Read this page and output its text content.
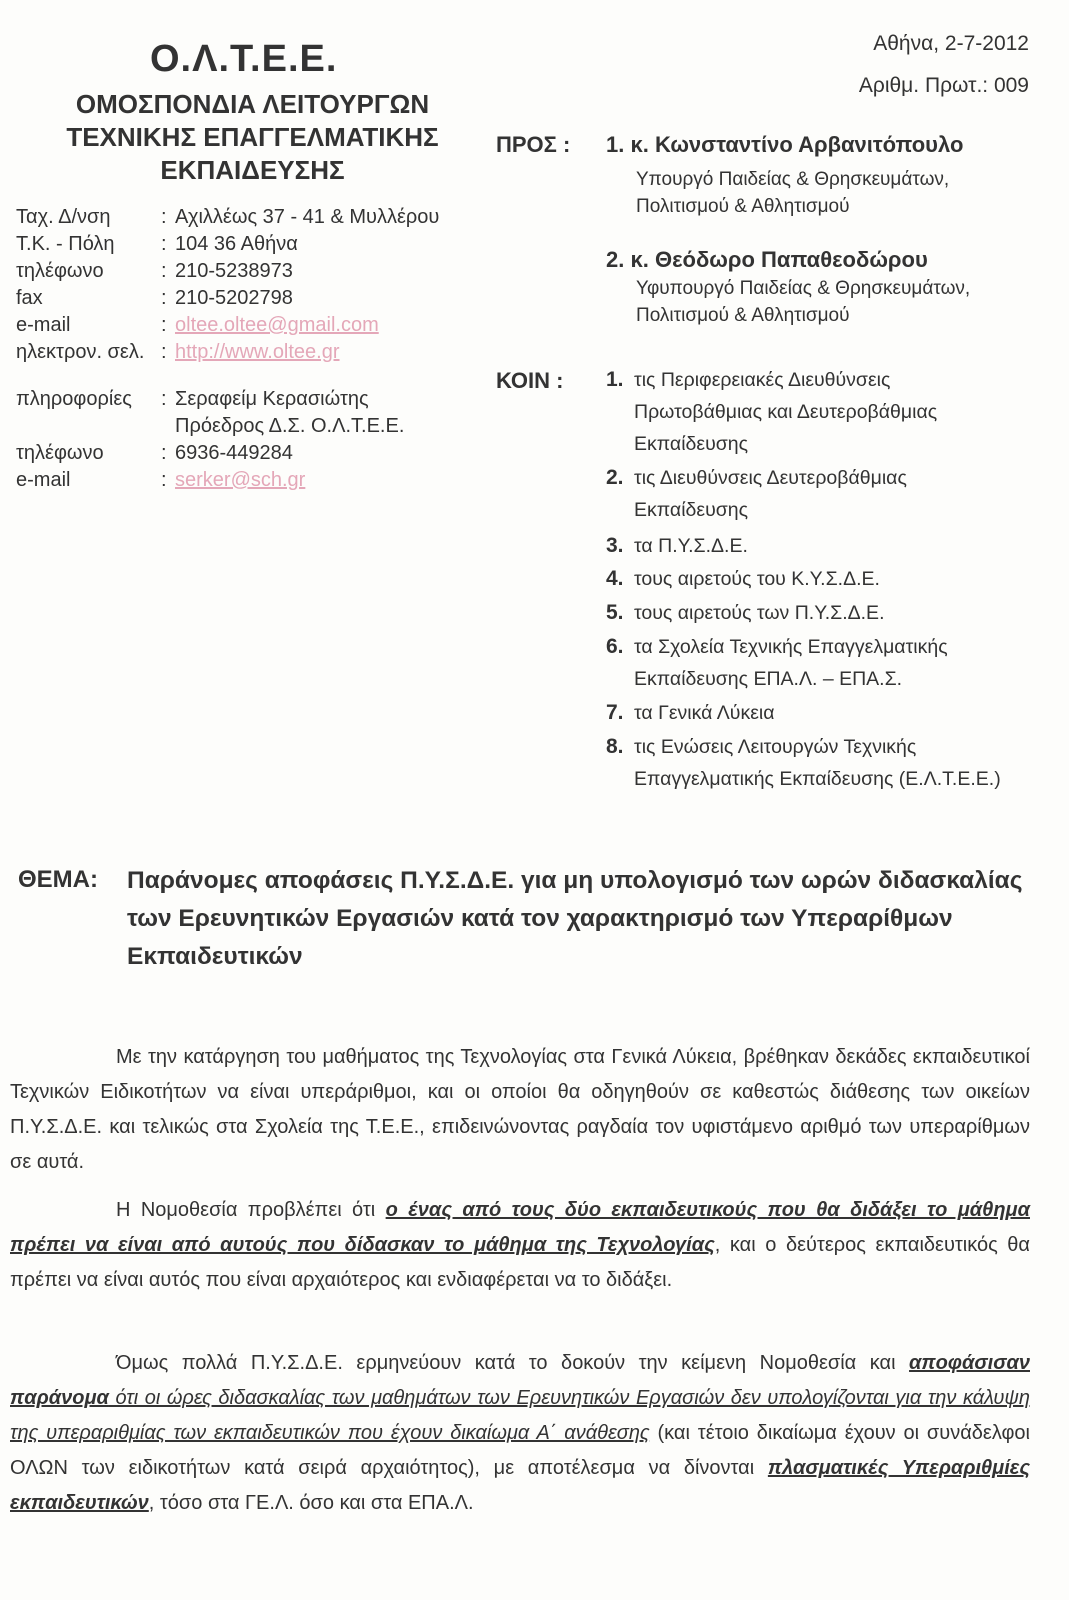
Ο.Λ.Τ.Ε.Ε.
ΟΜΟΣΠΟΝΔΙΑ ΛΕΙΤΟΥΡΓΩΝ
ΤΕΧΝΙΚΗΣ ΕΠΑΓΓΕΛΜΑΤΙΚΗΣ
ΕΚΠΑΙΔΕΥΣΗΣ
Ταχ. Δ/νση	: Αχιλλέως 37 - 41 & Μυλλέρου
Τ.Κ. - Πόλη : 104 36 Αθήνα
τηλέφωνο	: 210-5238973
fax	: 210-5202798
e-mail	: oltee.oltee@gmail.com
ηλεκτρον. σελ. : http://www.oltee.gr
πληροφορίες : Σεραφείμ Κερασιώτης
Πρόεδρος Δ.Σ. Ο.Λ.Τ.Ε.Ε.
τηλέφωνο	: 6936-449284
e-mail	: serker@sch.gr
Αθήνα, 2-7-2012
Αριθμ. Πρωτ.: 009
ΠΡΟΣ : 1. κ. Κωνσταντίνο Αρβανιτόπουλο
Υπουργό Παιδείας & Θρησκευμάτων,
Πολιτισμού & Αθλητισμού
2. κ. Θεόδωρο Παπαθεοδώρου
Υφυπουργό Παιδείας & Θρησκευμάτων,
Πολιτισμού & Αθλητισμού
ΚΟΙΝ : 1. τις Περιφερειακές Διευθύνσεις Πρωτοβάθμιας και Δευτεροβάθμιας Εκπαίδευσης
2. τις Διευθύνσεις Δευτεροβάθμιας Εκπαίδευσης
3. τα Π.Υ.Σ.Δ.Ε.
4. τους αιρετούς του Κ.Υ.Σ.Δ.Ε.
5. τους αιρετούς των Π.Υ.Σ.Δ.Ε.
6. τα Σχολεία Τεχνικής Επαγγελματικής Εκπαίδευσης ΕΠΑ.Λ. – ΕΠΑ.Σ.
7. τα Γενικά Λύκεια
8. τις Ενώσεις Λειτουργών Τεχνικής Επαγγελματικής Εκπαίδευσης (Ε.Λ.Τ.Ε.Ε.)
ΘΕΜΑ: Παράνομες αποφάσεις Π.Υ.Σ.Δ.Ε. για μη υπολογισμό των ωρών διδασκαλίας των Ερευνητικών Εργασιών κατά τον χαρακτηρισμό των Υπεραρίθμων Εκπαιδευτικών
Με την κατάργηση του μαθήματος της Τεχνολογίας στα Γενικά Λύκεια, βρέθηκαν δεκάδες εκπαιδευτικοί Τεχνικών Ειδικοτήτων να είναι υπεράριθμοι, και οι οποίοι θα οδηγηθούν σε καθεστώς διάθεσης των οικείων Π.Υ.Σ.Δ.Ε. και τελικώς στα Σχολεία της Τ.Ε.Ε., επιδεινώνοντας ραγδαία τον υφιστάμενο αριθμό των υπεραρίθμων σε αυτά.
Η Νομοθεσία προβλέπει ότι ο ένας από τους δύο εκπαιδευτικούς που θα διδάξει το μάθημα πρέπει να είναι από αυτούς που δίδασκαν το μάθημα της Τεχνολογίας, και ο δεύτερος εκπαιδευτικός θα πρέπει να είναι αυτός που είναι αρχαιότερος και ενδιαφέρεται να το διδάξει.
Όμως πολλά Π.Υ.Σ.Δ.Ε. ερμηνεύουν κατά το δοκούν την κείμενη Νομοθεσία και αποφάσισαν παράνομα ότι οι ώρες διδασκαλίας των μαθημάτων των Ερευνητικών Εργασιών δεν υπολογίζονται για την κάλυψη της υπεραριθμίας των εκπαιδευτικών που έχουν δικαίωμα Α΄ ανάθεσης (και τέτοιο δικαίωμα έχουν οι συνάδελφοι ΟΛΩΝ των ειδικοτήτων κατά σειρά αρχαιότητος), με αποτέλεσμα να δίνονται πλασματικές Υπεραριθμίες εκπαιδευτικών, τόσο στα ΓΕ.Λ. όσο και στα ΕΠΑ.Λ.
